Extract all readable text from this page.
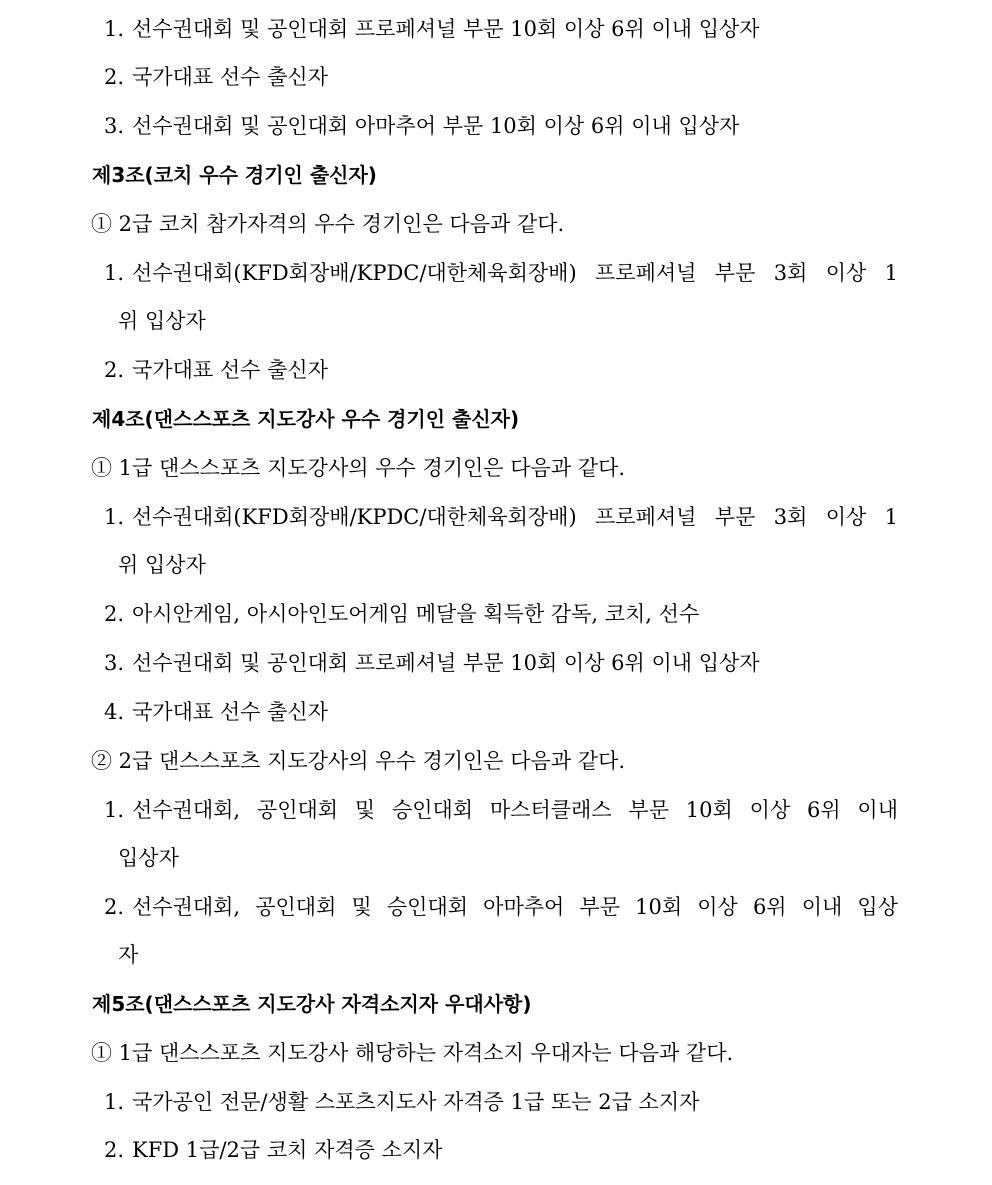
1. 선수권대회 및 공인대회 프로페셔널 부문 10회 이상 6위 이내 입상자
2. 국가대표 선수 출신자
3. 선수권대회 및 공인대회 아마추어 부문 10회 이상 6위 이내 입상자
제3조(코치 우수 경기인 출신자)
① 2급 코치 참가자격의 우수 경기인은 다음과 같다.
1. 선수권대회(KFD회장배/KPDC/대한체육회장배) 프로페셔널 부문 3회 이상 1
위 입상자
2. 국가대표 선수 출신자
제4조(댄스스포츠 지도강사 우수 경기인 출신자)
① 1급 댄스스포츠 지도강사의 우수 경기인은 다음과 같다.
1. 선수권대회(KFD회장배/KPDC/대한체육회장배) 프로페셔널 부문 3회 이상 1
위 입상자
2. 아시안게임, 아시아인도어게임 메달을 획득한 감독, 코치, 선수
3. 선수권대회 및 공인대회 프로페셔널 부문 10회 이상 6위 이내 입상자
4. 국가대표 선수 출신자
② 2급 댄스스포츠 지도강사의 우수 경기인은 다음과 같다.
1. 선수권대회, 공인대회 및 승인대회 마스터클래스 부문 10회 이상 6위 이내
입상자
2. 선수권대회, 공인대회 및 승인대회 아마추어 부문 10회 이상 6위 이내 입상
자
제5조(댄스스포츠 지도강사 자격소지자 우대사항)
① 1급 댄스스포츠 지도강사 해당하는 자격소지 우대자는 다음과 같다.
1. 국가공인 전문/생활 스포츠지도사 자격증 1급 또는 2급 소지자
2. KFD 1급/2급 코치 자격증 소지자
